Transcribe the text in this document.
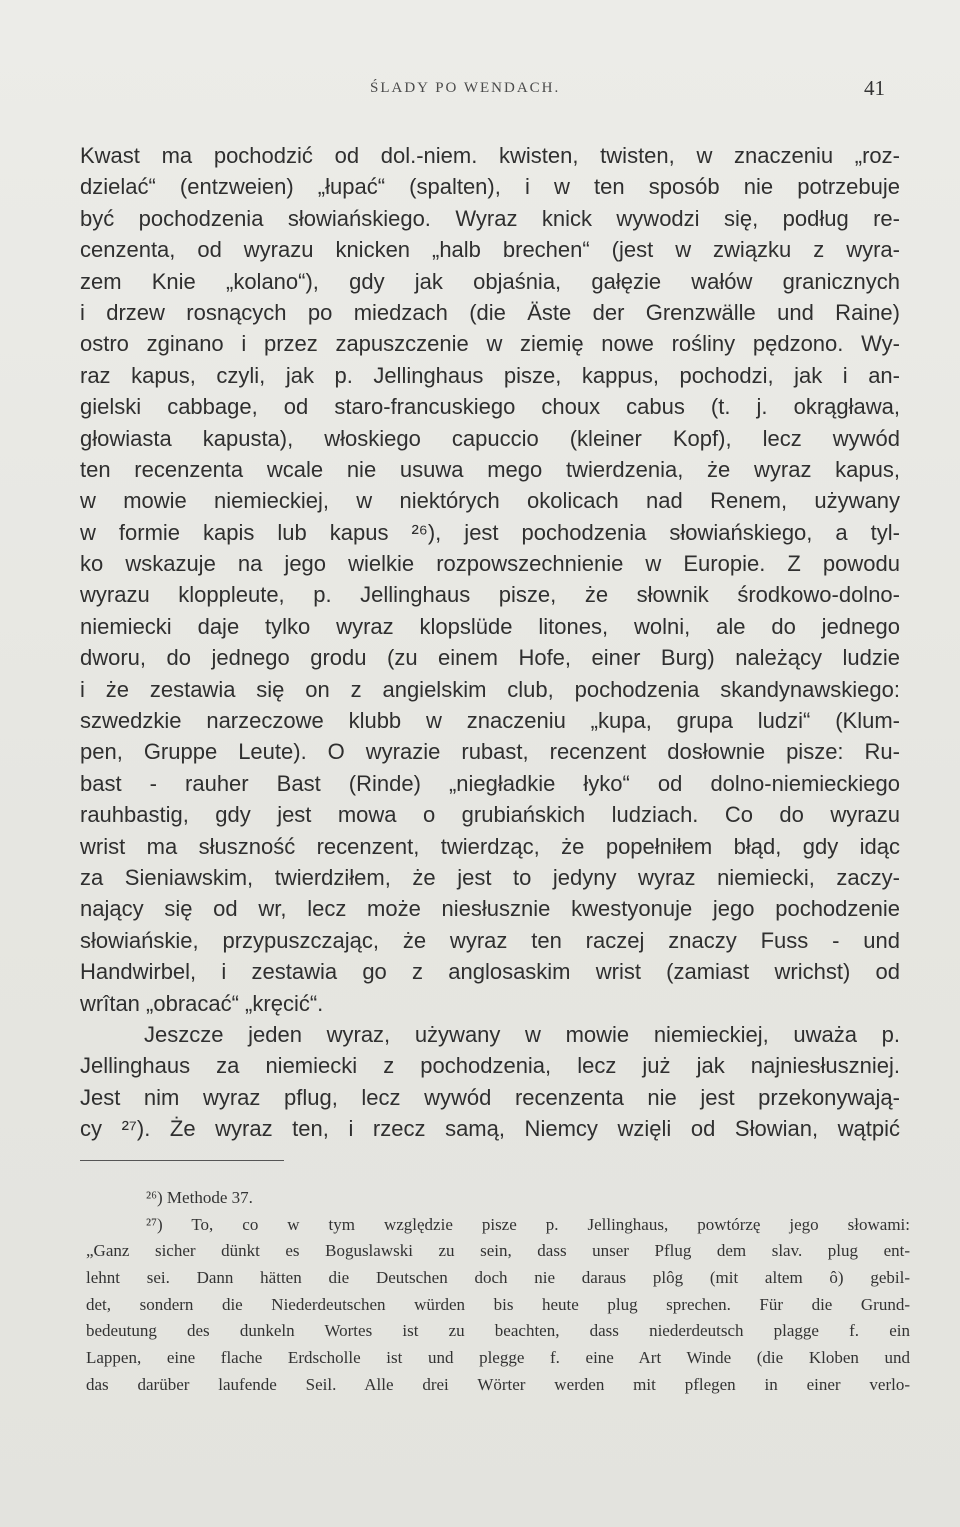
ŚLADY PO WENDACH.	41
Kwast ma pochodzić od dol.-niem. kwisten, twisten, w znaczeniu „roz-
dzielać“ (entzweien) „łupać“ (spalten), i w ten sposób nie potrzebuje
być pochodzenia słowiańskiego. Wyraz knick wywodzi się, podług re-
cenzenta, od wyrazu knicken „halb brechen“ (jest w związku z wyra-
zem Knie „kolano“), gdy jak objaśnia, gałęzie wałów granicznych
i drzew rosnących po miedzach (die Äste der Grenzwälle und Raine)
ostro zginano i przez zapuszczenie w ziemię nowe rośliny pędzono. Wy-
raz kapus, czyli, jak p. Jellinghaus pisze, kappus, pochodzi, jak i an-
gielski cabbage, od staro-francuskiego choux cabus (t. j. okrągława,
głowiasta kapusta), włoskiego capuccio (kleiner Kopf), lecz wywód
ten recenzenta wcale nie usuwa mego twierdzenia, że wyraz kapus,
w mowie niemieckiej, w niektórych okolicach nad Renem, używany
w formie kapis lub kapus ²⁶), jest pochodzenia słowiańskiego, a tyl-
ko wskazuje na jego wielkie rozpowszechnienie w Europie. Z powodu
wyrazu kloppleute, p. Jellinghaus pisze, że słownik środkowo-dolno-
niemiecki daje tylko wyraz klopslüde litones, wolni, ale do jednego
dworu, do jednego grodu (zu einem Hofe, einer Burg) należący ludzie
i że zestawia się on z angielskim club, pochodzenia skandynawskiego:
szwedzkie narzeczowe klubb w znaczeniu „kupa, grupa ludzi“ (Klum-
pen, Gruppe Leute). O wyrazie rubast, recenzent dosłownie pisze: Ru-
bast - rauher Bast (Rinde) „niegładkie łyko“ od dolno-niemieckiego
rauhbastig, gdy jest mowa o grubiańskich ludziach. Co do wyrazu
wrist ma słuszność recenzent, twierdząc, że popełniłem błąd, gdy idąc
za Sieniawskim, twierdziłem, że jest to jedyny wyraz niemiecki, zaczy-
nający się od wr, lecz może niesłusznie kwestyonuje jego pochodzenie
słowiańskie, przypuszczając, że wyraz ten raczej znaczy Fuss - und
Handwirbel, i zestawia go z anglosaskim wrist (zamiast wrichst) od
wrîtan „obracać“ „kręcić“.
Jeszcze jeden wyraz, używany w mowie niemieckiej, uważa p.
Jellinghaus za niemiecki z pochodzenia, lecz już jak najniesłuszniej.
Jest nim wyraz pflug, lecz wywód recenzenta nie jest przekonywają-
cy ²⁷). Że wyraz ten, i rzecz samą, Niemcy wzięli od Słowian, wątpić
²⁶) Methode 37.
²⁷) To, co w tym względzie pisze p. Jellinghaus, powtórzę jego słowami:
„Ganz sicher dünkt es Boguslawski zu sein, dass unser Pflug dem slav. plug ent-
lehnt sei. Dann hätten die Deutschen doch nie daraus plôg (mit altem ô) gebil-
det, sondern die Niederdeutschen würden bis heute plug sprechen. Für die Grund-
bedeutung des dunkeln Wortes ist zu beachten, dass niederdeutsch plagge f. ein
Lappen, eine flache Erdscholle ist und plegge f. eine Art Winde (die Kloben und
das darüber laufende Seil. Alle drei Wörter werden mit pflegen in einer verlo-
